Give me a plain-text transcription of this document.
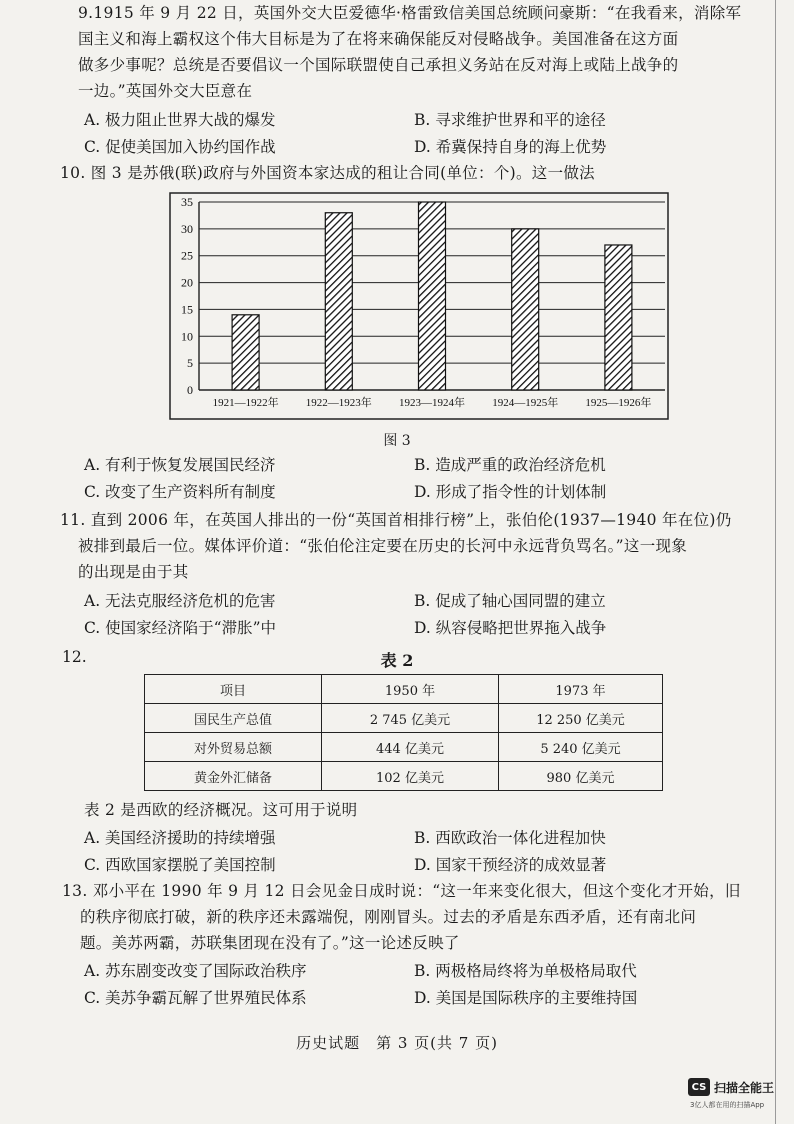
9.1915 年 9 月 22 日，英国外交大臣爱德华·格雷致信美国总统顾问豪斯：“在我看来，消除军
国主义和海上霸权这个伟大目标是为了在将来确保能反对侵略战争。美国准备在这方面
做多少事呢？总统是否要倡议一个国际联盟使自己承担义务站在反对海上或陆上战争的
一边。”英国外交大臣意在
A. 极力阻止世界大战的爆发	B. 寻求维护世界和平的途径
C. 促使美国加入协约国作战	D. 希冀保持自身的海上优势
10. 图 3 是苏俄(联)政府与外国资本家达成的租让合同(单位：个)。这一做法
0
5
10
15
20
25
30
35
1921—1922年 1922—1923年 1923—1924年 1924—1925年 1925—1926年
图 3
A. 有利于恢复发展国民经济	B. 造成严重的政治经济危机
C. 改变了生产资料所有制度	D. 形成了指令性的计划体制
11. 直到 2006 年，在英国人排出的一份“英国首相排行榜”上，张伯伦(1937—1940 年在位)仍
被排到最后一位。媒体评价道：“张伯伦注定要在历史的长河中永远背负骂名。”这一现象
的出现是由于其
A. 无法克服经济危机的危害	B. 促成了轴心国同盟的建立
C. 使国家经济陷于“滞胀”中	D. 纵容侵略把世界拖入战争
12.	表 2
项目	1950 年	1973 年
国民生产总值	2 745 亿美元	12 250 亿美元
对外贸易总额	444 亿美元	5 240 亿美元
黄金外汇储备	102 亿美元	980 亿美元
表 2 是西欧的经济概况。这可用于说明
A. 美国经济援助的持续增强	B. 西欧政治一体化进程加快
C. 西欧国家摆脱了美国控制	D. 国家干预经济的成效显著
13. 邓小平在 1990 年 9 月 12 日会见金日成时说：“这一年来变化很大，但这个变化才开始，旧
的秩序彻底打破，新的秩序还未露端倪，刚刚冒头。过去的矛盾是东西矛盾，还有南北问
题。美苏两霸，苏联集团现在没有了。”这一论述反映了
A. 苏东剧变改变了国际政治秩序	B. 两极格局终将为单极格局取代
C. 美苏争霸瓦解了世界殖民体系	D. 美国是国际秩序的主要维持国
历史试题　第 3 页(共 7 页)
CS 扫描全能王
3亿人都在用的扫描App
